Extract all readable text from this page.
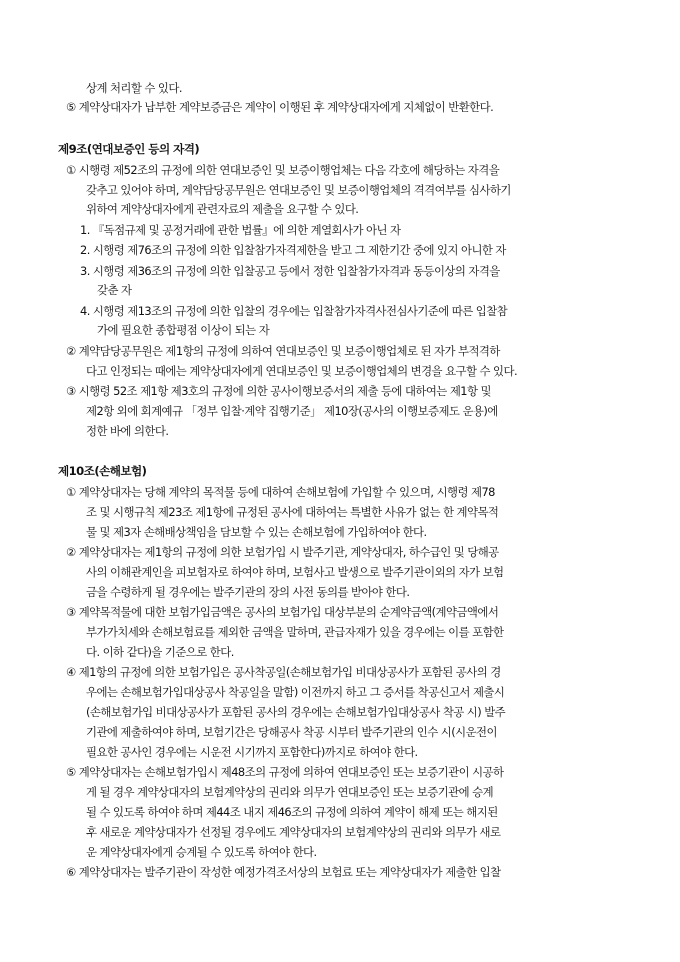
상계 처리할 수 있다.
⑤ 계약상대자가 납부한 계약보증금은 계약이 이행된 후 계약상대자에게 지체없이 반환한다.
제9조(연대보증인 등의 자격)
① 시행령 제52조의 규정에 의한 연대보증인 및 보증이행업체는 다음 각호에 해당하는 자격을
갖추고 있어야 하며, 계약담당공무원은 연대보증인 및 보증이행업체의 격격여부를 심사하기
위하여 계약상대자에게 관련자료의 제출을 요구할 수 있다.
1. 『독점규제 및 공정거래에 관한 법률』에 의한 계열회사가 아닌 자
2. 시행령 제76조의 규정에 의한 입찰참가자격제한을 받고 그 제한기간 중에 있지 아니한 자
3. 시행령 제36조의 규정에 의한 입찰공고 등에서 정한 입찰참가자격과 동등이상의 자격을
갖춘 자
4. 시행령 제13조의 규정에 의한 입찰의 경우에는 입찰참가자격사전심사기준에 따른 입찰참
가에 필요한 종합평점 이상이 되는 자
② 계약담당공무원은 제1항의 규정에 의하여 연대보증인 및 보증이행업체로 된 자가 부적격하
다고 인정되는 때에는 계약상대자에게 연대보증인 및 보증이행업체의 변경을 요구할 수 있다.
③ 시행령 52조 제1항 제3호의 규정에 의한 공사이행보증서의 제출 등에 대하여는 제1항 및
제2항 외에 회계예규 「정부 입찰·계약 집행기준」 제10장(공사의 이행보증제도 운용)에
정한 바에 의한다.
제10조(손해보험)
① 계약상대자는 당해 계약의 목적물 등에 대하여 손해보험에 가입할 수 있으며, 시행령 제78
조 및 시행규칙 제23조 제1항에 규정된 공사에 대하여는 특별한 사유가 없는 한 계약목적
물 및 제3자 손해배상책임을 담보할 수 있는 손해보험에 가입하여야 한다.
② 계약상대자는 제1항의 규정에 의한 보험가입 시 발주기관, 계약상대자, 하수급인 및 당해공
사의 이해관계인을 피보험자로 하여야 하며, 보험사고 발생으로 발주기관이외의 자가 보험
금을 수령하게 될 경우에는 발주기관의 장의 사전 동의를 받아야 한다.
③ 계약목적물에 대한 보험가입금액은 공사의 보험가입 대상부분의 순계약금액(계약금액에서
부가가치세와 손해보험료를 제외한 금액을 말하며, 관급자재가 있을 경우에는 이를 포함한
다. 이하 같다)을 기준으로 한다.
④ 제1항의 규정에 의한 보험가입은 공사착공일(손해보험가입 비대상공사가 포함된 공사의 경
우에는 손해보험가입대상공사 착공일을 말함) 이전까지 하고 그 증서를 착공신고서 제출시
(손해보험가입 비대상공사가 포함된 공사의 경우에는 손해보험가입대상공사 착공 시) 발주
기관에 제출하여야 하며, 보험기간은 당해공사 착공 시부터 발주기관의 인수 시(시운전이
필요한 공사인 경우에는 시운전 시기까지 포함한다)까지로 하여야 한다.
⑤ 계약상대자는 손해보험가입시 제48조의 규정에 의하여 연대보증인 또는 보증기관이 시공하
게 될 경우 계약상대자의 보험계약상의 권리와 의무가 연대보증인 또는 보증기관에 승계
될 수 있도록 하여야 하며 제44조 내지 제46조의 규정에 의하여 계약이 해제 또는 해지된
후 새로운 계약상대자가 선정될 경우에도 계약상대자의 보험계약상의 권리와 의무가 새로
운 계약상대자에게 승계될 수 있도록 하여야 한다.
⑥ 계약상대자는 발주기관이 작성한 예정가격조서상의 보험료 또는 계약상대자가 제출한 입찰
